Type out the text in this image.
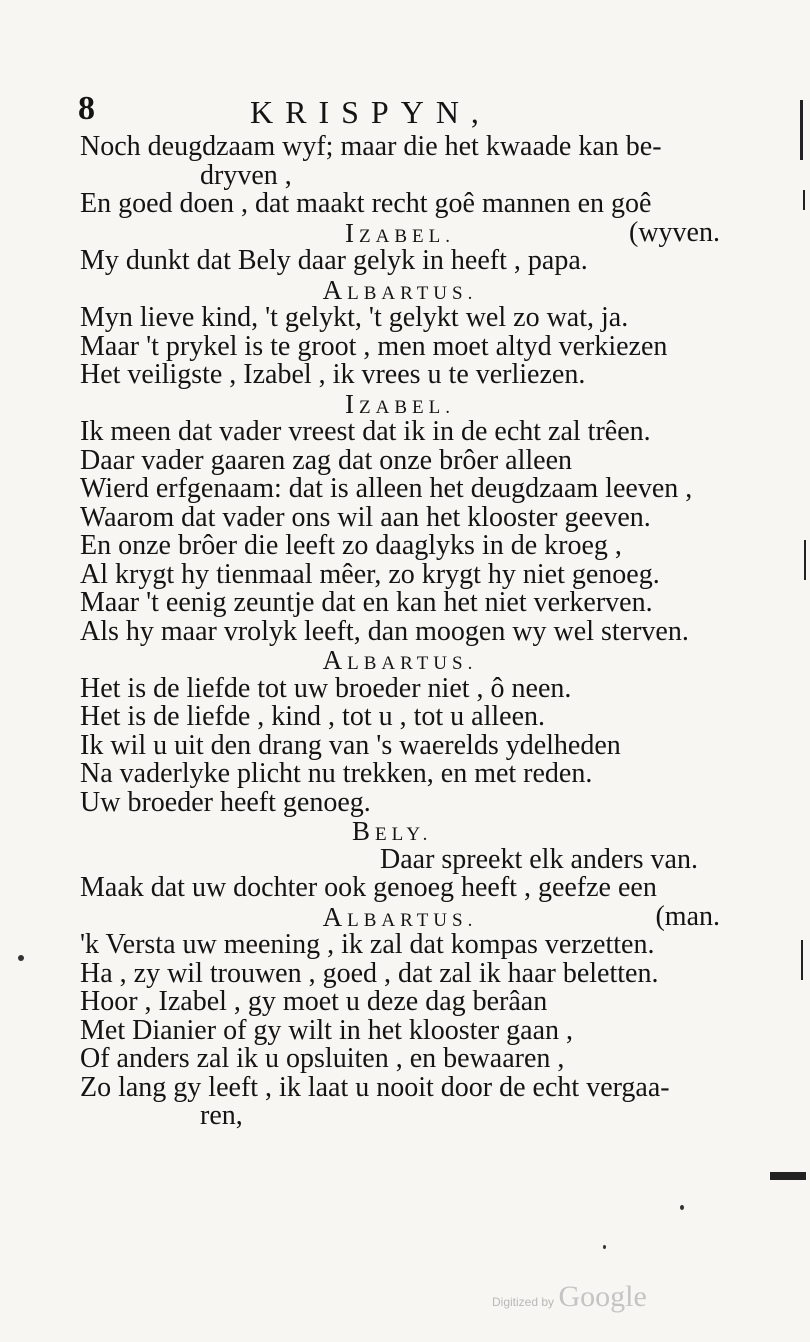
8	KRISPYN,
Noch deugdzaam wyf; maar die het kwaade kan be-
dryven ,
En goed doen , dat maakt recht goê mannen en goê
IZABEL.	(wyven.
My dunkt dat Bely daar gelyk in heeft , papa.
ALBARTUS.
Myn lieve kind, 't gelykt, 't gelykt wel zo wat, ja.
Maar 't prykel is te groot , men moet altyd verkiezen
Het veiligste , Izabel , ik vrees u te verliezen.
IZABEL.
Ik meen dat vader vreest dat ik in de echt zal trêen.
Daar vader gaaren zag dat onze brôer alleen
Wierd erfgenaam: dat is alleen het deugdzaam leeven ,
Waarom dat vader ons wil aan het klooster geeven.
En onze brôer die leeft zo daaglyks in de kroeg ,
Al krygt hy tienmaal mêer, zo krygt hy niet genoeg.
Maar 't eenig zeuntje dat en kan het niet verkerven.
Als hy maar vrolyk leeft, dan moogen wy wel sterven.
ALBARTUS.
Het is de liefde tot uw broeder niet , ô neen.
Het is de liefde , kind , tot u , tot u alleen.
Ik wil u uit den drang van 's waerelds ydelheden
Na vaderlyke plicht nu trekken, en met reden.
Uw broeder heeft genoeg.
BELY.
Daar spreekt elk anders van.
Maak dat uw dochter ook genoeg heeft , geefze een
ALBARTUS.	(man.
'k Versta uw meening , ik zal dat kompas verzetten.
Ha , zy wil trouwen , goed , dat zal ik haar beletten.
Hoor , Izabel , gy moet u deze dag berâan
Met Dianier of gy wilt in het klooster gaan ,
Of anders zal ik u opsluiten , en bewaaren ,
Zo lang gy leeft , ik laat u nooit door de echt vergaa-
ren,
Digitized by Google
